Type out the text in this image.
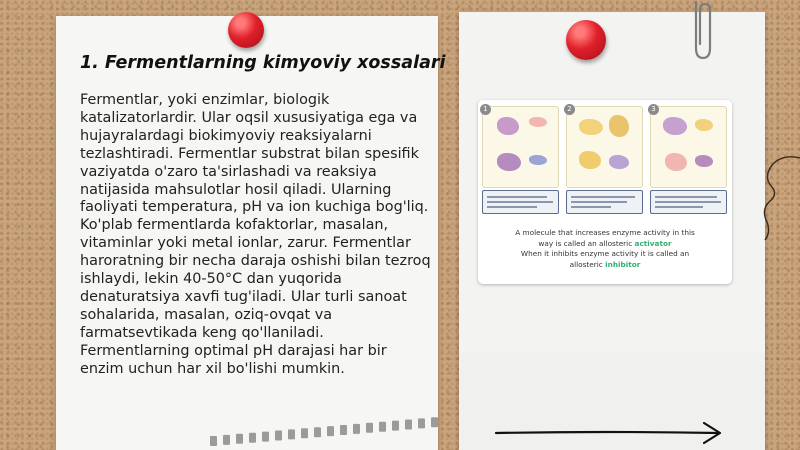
1. Fermentlarning kimyoviy xossalari

Fermentlar, yoki enzimlar, biologik katalizatorlardir. Ular oqsil xususiyatiga ega va hujayralardagi biokimyoviy reaksiyalarni tezlashtiradi. Fermentlar substrat bilan spesifik vaziyatda o'zaro ta'sirlashadi va reaksiya natijasida mahsulotlar hosil qiladi. Ularning faoliyati temperatura, pH va ion kuchiga bog'liq. Ko'plab fermentlarda kofaktorlar, masalan, vitaminlar yoki metal ionlar, zarur. Fermentlar haroratning bir necha daraja oshishi bilan tezroq ishlaydi, lekin 40-50°C dan yuqorida denaturatsiya xavfi tug'iladi. Ular turli sanoat sohalarida, masalan, oziq-ovqat va farmatsevtikada keng qo'llaniladi. Fermentlarning optimal pH darajasi har bir enzim uchun har xil bo'lishi mumkin.

1	2	3

A molecule that increases enzyme activity in this
way is called an allosteric activator
When it inhibits enzyme activity it is called an
allosteric inhibitor
